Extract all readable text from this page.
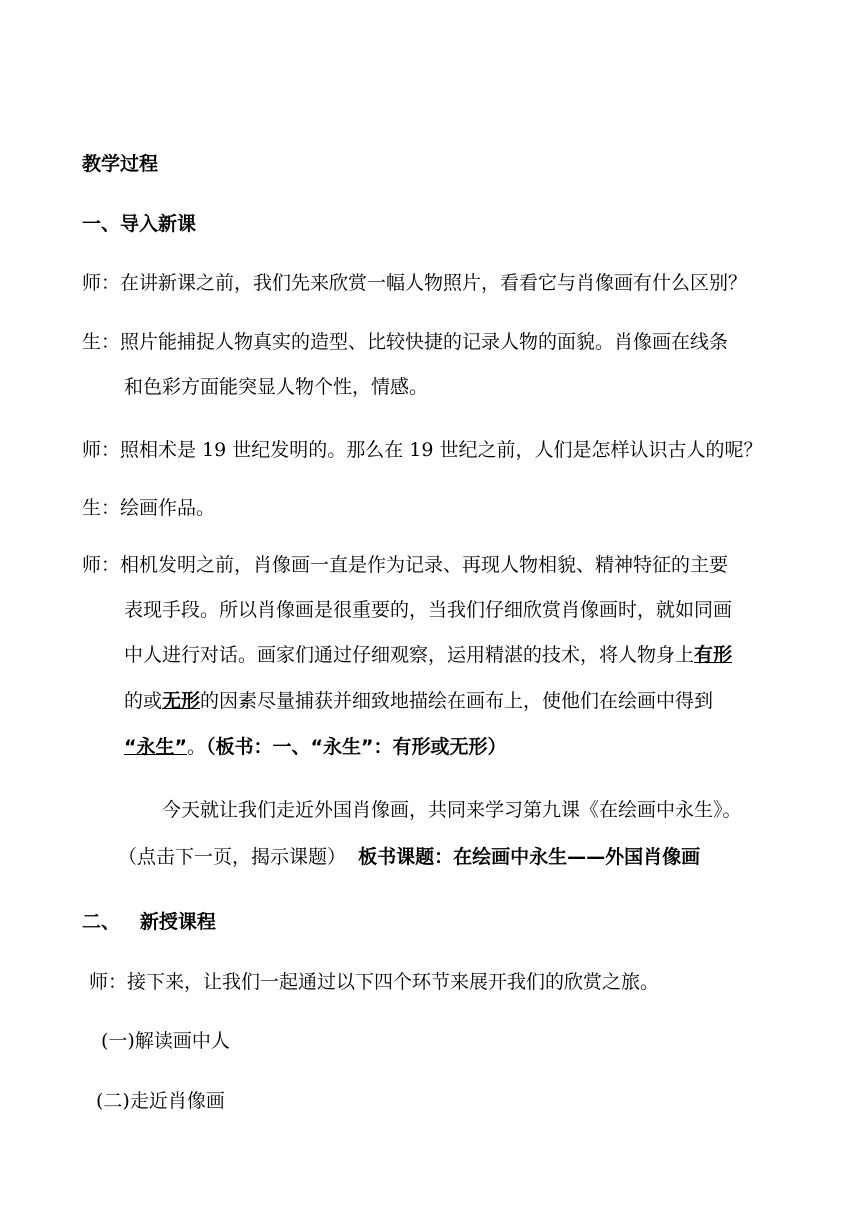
教学过程
一、导入新课
师：在讲新课之前，我们先来欣赏一幅人物照片，看看它与肖像画有什么区别？
生：照片能捕捉人物真实的造型、比较快捷的记录人物的面貌。肖像画在线条
和色彩方面能突显人物个性，情感。
师：照相术是 19 世纪发明的。那么在 19 世纪之前，人们是怎样认识古人的呢？
生：绘画作品。
师：相机发明之前，肖像画一直是作为记录、再现人物相貌、精神特征的主要
表现手段。所以肖像画是很重要的，当我们仔细欣赏肖像画时，就如同画
中人进行对话。画家们通过仔细观察，运用精湛的技术，将人物身上有形
的或无形的因素尽量捕获并细致地描绘在画布上，使他们在绘画中得到
“永生”。（板书：一、“永生”：有形或无形）
今天就让我们走近外国肖像画，共同来学习第九课《在绘画中永生》。
（点击下一页，揭示课题） 板书课题：在绘画中永生——外国肖像画
二、 新授课程
师：接下来，让我们一起通过以下四个环节来展开我们的欣赏之旅。
(一)解读画中人
(二)走近肖像画
